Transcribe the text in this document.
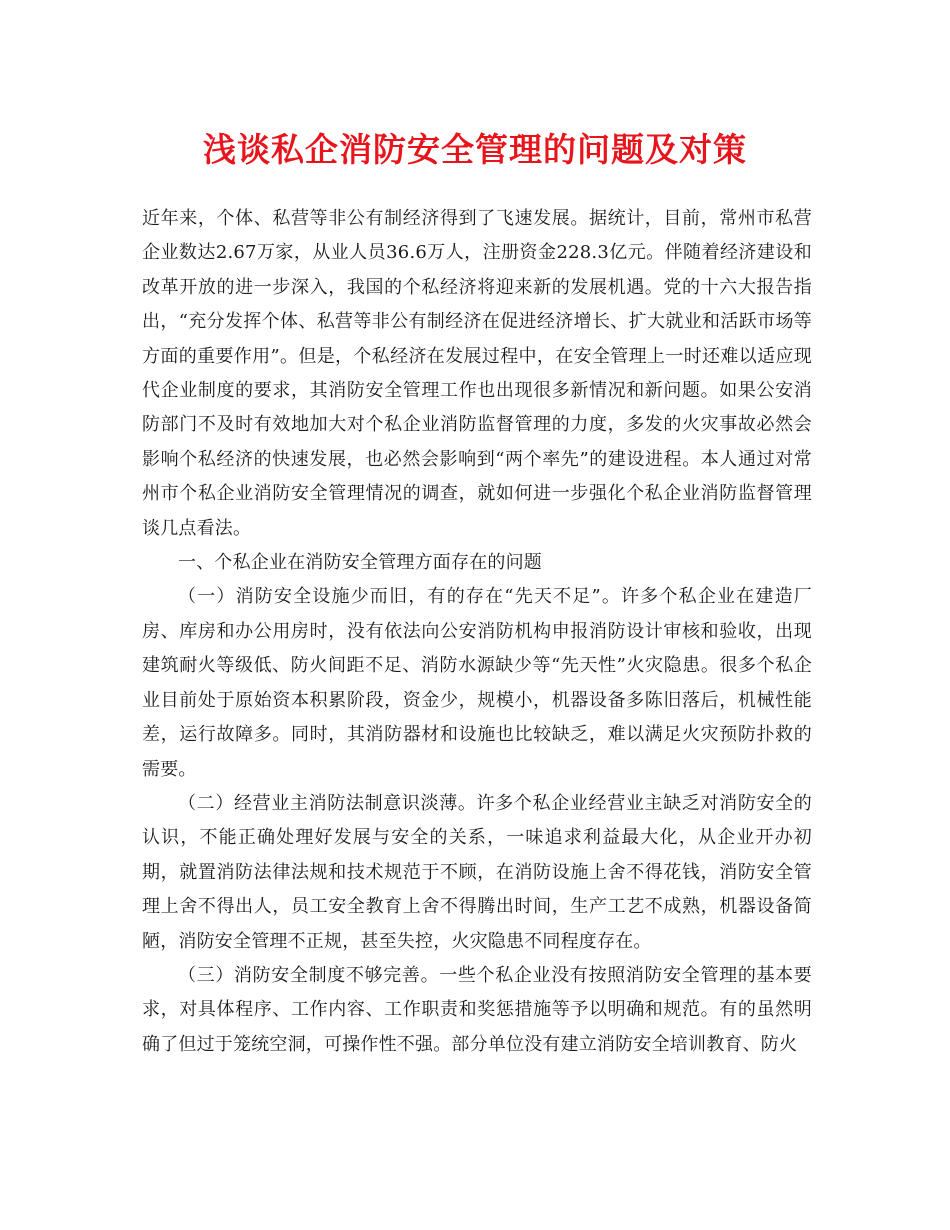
浅谈私企消防安全管理的问题及对策

近年来，个体、私营等非公有制经济得到了飞速发展。据统计，目前，常州市私营企业数达2.67万家，从业人员36.6万人，注册资金228.3亿元。伴随着经济建设和改革开放的进一步深入，我国的个私经济将迎来新的发展机遇。党的十六大报告指出，“充分发挥个体、私营等非公有制经济在促进经济增长、扩大就业和活跃市场等方面的重要作用”。但是，个私经济在发展过程中，在安全管理上一时还难以适应现代企业制度的要求，其消防安全管理工作也出现很多新情况和新问题。如果公安消防部门不及时有效地加大对个私企业消防监督管理的力度，多发的火灾事故必然会影响个私经济的快速发展，也必然会影响到“两个率先”的建设进程。本人通过对常州市个私企业消防安全管理情况的调查，就如何进一步强化个私企业消防监督管理谈几点看法。

一、个私企业在消防安全管理方面存在的问题

（一）消防安全设施少而旧，有的存在“先天不足”。许多个私企业在建造厂房、库房和办公用房时，没有依法向公安消防机构申报消防设计审核和验收，出现建筑耐火等级低、防火间距不足、消防水源缺少等“先天性”火灾隐患。很多个私企业目前处于原始资本积累阶段，资金少，规模小，机器设备多陈旧落后，机械性能差，运行故障多。同时，其消防器材和设施也比较缺乏，难以满足火灾预防扑救的需要。

（二）经营业主消防法制意识淡薄。许多个私企业经营业主缺乏对消防安全的认识，不能正确处理好发展与安全的关系，一味追求利益最大化，从企业开办初期，就置消防法律法规和技术规范于不顾，在消防设施上舍不得花钱，消防安全管理上舍不得出人，员工安全教育上舍不得腾出时间，生产工艺不成熟，机器设备简陋，消防安全管理不正规，甚至失控，火灾隐患不同程度存在。

（三）消防安全制度不够完善。一些个私企业没有按照消防安全管理的基本要求，对具体程序、工作内容、工作职责和奖惩措施等予以明确和规范。有的虽然明确了但过于笼统空洞，可操作性不强。部分单位没有建立消防安全培训教育、防火
